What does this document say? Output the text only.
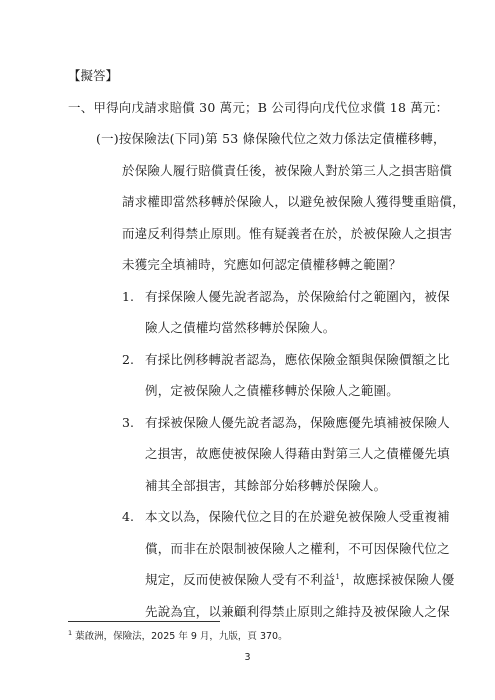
【擬答】
一、甲得向戊請求賠償 30 萬元；B 公司得向戊代位求償 18 萬元：
(一)按保險法(下同)第 53 條保險代位之效力係法定債權移轉，
於保險人履行賠償責任後，被保險人對於第三人之損害賠償
請求權即當然移轉於保險人，以避免被保險人獲得雙重賠償，
而違反利得禁止原則。惟有疑義者在於，於被保險人之損害
未獲完全填補時，究應如何認定債權移轉之範圍？
1. 有採保險人優先說者認為，於保險給付之範圍內，被保
險人之債權均當然移轉於保險人。
2. 有採比例移轉說者認為，應依保險金額與保險價額之比
例，定被保險人之債權移轉於保險人之範圍。
3. 有採被保險人優先說者認為，保險應優先填補被保險人
之損害，故應使被保險人得藉由對第三人之債權優先填
補其全部損害，其餘部分始移轉於保險人。
4. 本文以為，保險代位之目的在於避免被保險人受重複補
償，而非在於限制被保險人之權利，不可因保險代位之
規定，反而使被保險人受有不利益$^1$，故應採被保險人優
先說為宜，以兼顧利得禁止原則之維持及被保險人之保
$^1$ 葉啟洲，保險法，2025 年 9 月，九版，頁 370。
3
